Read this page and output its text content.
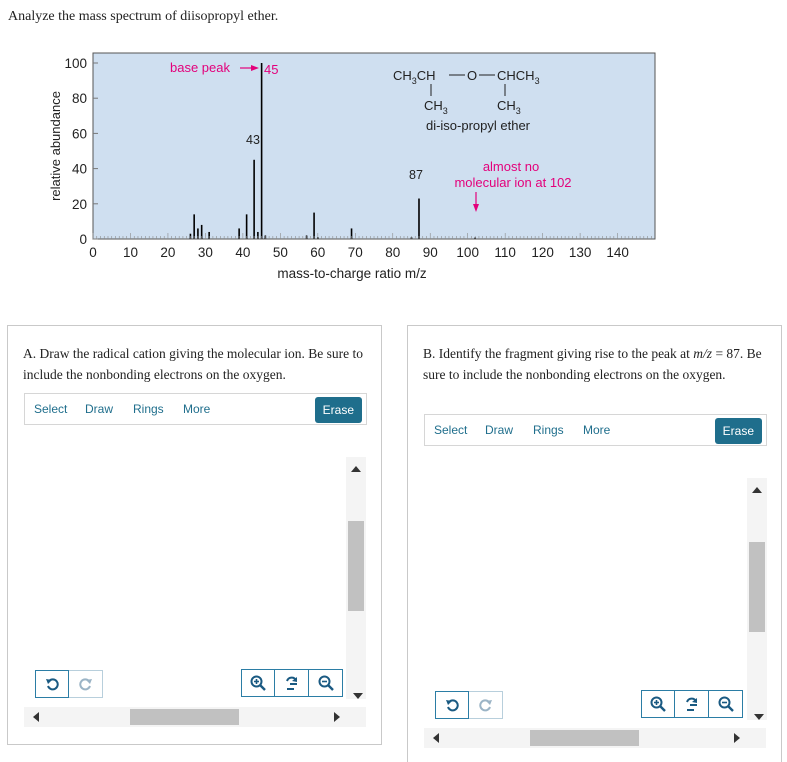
Analyze the mass spectrum of diisopropyl ether.
0
20
40
60
80
100
0 10 20 30 40 50 60 70 80 90 100 110 120 130 140
relative abundance
mass-to-charge ratio m/z
base peak	45
43
87
almost no
molecular ion at 102
$CH_3CH$ O $CHCH_3$
$CH_3$	$CH_3$
di-iso-propyl ether
A. Draw the radical cation giving the molecular ion. Be sure to include the nonbonding electrons on the oxygen.
Select Draw Rings More	Erase
B. Identify the fragment giving rise to the peak at m/z = 87. Be sure to include the nonbonding electrons on the oxygen.
Select Draw Rings More	Erase
